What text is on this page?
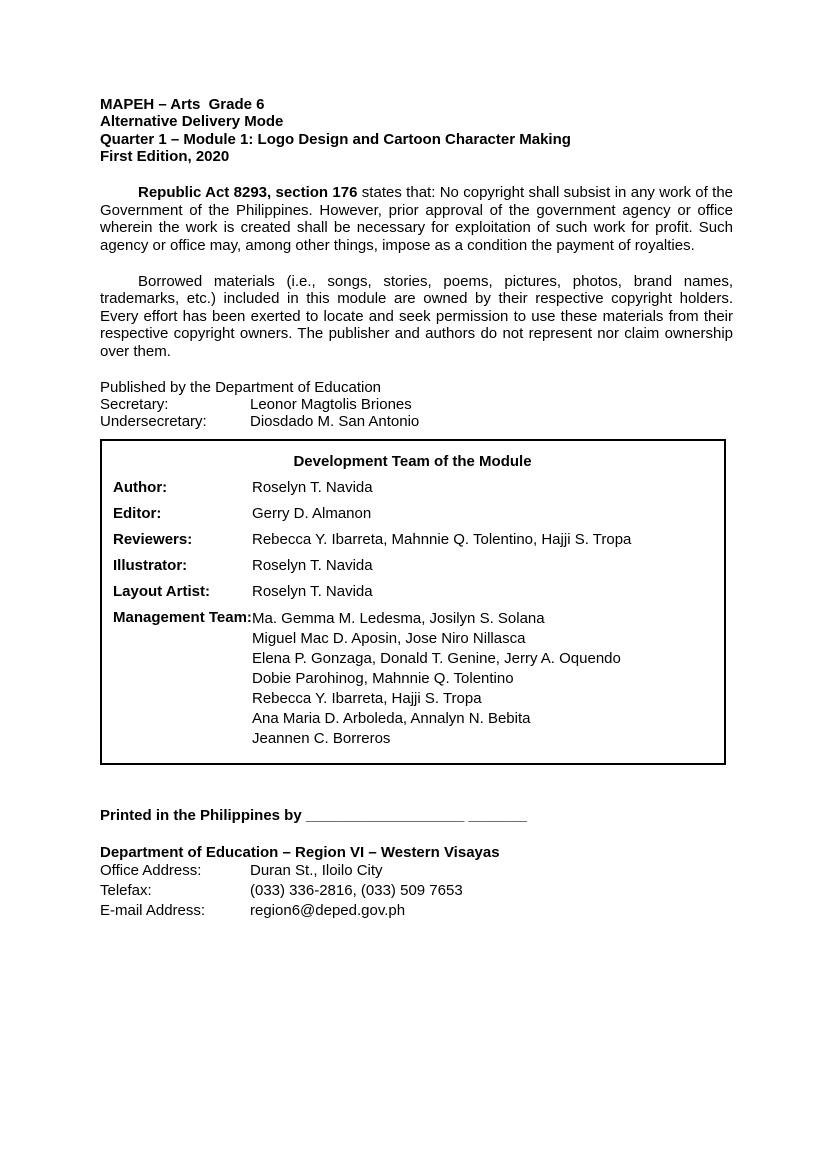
MAPEH – Arts  Grade 6
Alternative Delivery Mode
Quarter 1 – Module 1: Logo Design and Cartoon Character Making
First Edition, 2020

Republic Act 8293, section 176 states that: No copyright shall subsist in any work of the Government of the Philippines. However, prior approval of the government agency or office wherein the work is created shall be necessary for exploitation of such work for profit. Such agency or office may, among other things, impose as a condition the payment of royalties.

Borrowed materials (i.e., songs, stories, poems, pictures, photos, brand names, trademarks, etc.) included in this module are owned by their respective copyright holders. Every effort has been exerted to locate and seek permission to use these materials from their respective copyright owners. The publisher and authors do not represent nor claim ownership over them.

Published by the Department of Education
Secretary:	Leonor Magtolis Briones
Undersecretary:	Diosdado M. San Antonio
Development Team of the Module
Author:	Roselyn T. Navida
Editor:	Gerry D. Almanon
Reviewers:	Rebecca Y. Ibarreta, Mahnnie Q. Tolentino, Hajji S. Tropa
Illustrator:	Roselyn T. Navida
Layout Artist:	Roselyn T. Navida
Management Team: Ma. Gemma M. Ledesma, Josilyn S. Solana
Miguel Mac D. Aposin, Jose Niro Nillasca
Elena P. Gonzaga, Donald T. Genine, Jerry A. Oquendo
Dobie Parohinog, Mahnnie Q. Tolentino
Rebecca Y. Ibarreta, Hajji S. Tropa
Ana Maria D. Arboleda, Annalyn N. Bebita
Jeannen C. Borreros
Printed in the Philippines by ___________________ _______
Department of Education – Region VI – Western Visayas
Office Address:	Duran St., Iloilo City
Telefax:	(033) 336-2816, (033) 509 7653
E-mail Address:	region6@deped.gov.ph
